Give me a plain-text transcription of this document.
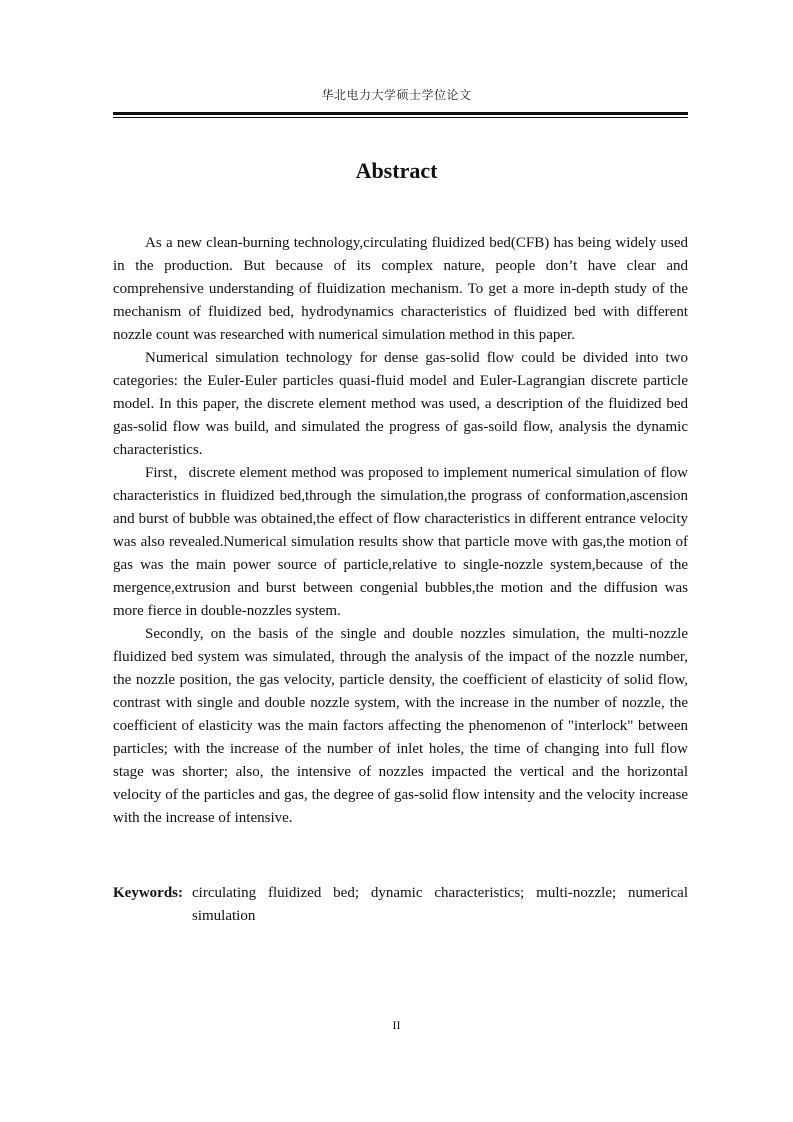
华北电力大学硕士学位论文
Abstract

As a new clean-burning technology,circulating fluidized bed(CFB) has being widely used in the production. But because of its complex nature, people don’t have clear and comprehensive understanding of fluidization mechanism. To get a more in-depth study of the mechanism of fluidized bed, hydrodynamics characteristics of fluidized bed with different nozzle count was researched with numerical simulation method in this paper.

Numerical simulation technology for dense gas-solid flow could be divided into two categories: the Euler-Euler particles quasi-fluid model and Euler-Lagrangian discrete particle model. In this paper, the discrete element method was used, a description of the fluidized bed gas-solid flow was build, and simulated the progress of gas-soild flow, analysis the dynamic characteristics.

First，discrete element method was proposed to implement numerical simulation of flow characteristics in fluidized bed,through the simulation,the prograss of conformation,ascension and burst of bubble was obtained,the effect of flow characteristics in different entrance velocity was also revealed.Numerical simulation results show that particle move with gas,the motion of gas was the main power source of particle,relative to single-nozzle system,because of the mergence,extrusion and burst between congenial bubbles,the motion and the diffusion was more fierce in double-nozzles system.

Secondly, on the basis of the single and double nozzles simulation, the multi-nozzle fluidized bed system was simulated, through the analysis of the impact of the nozzle number, the nozzle position, the gas velocity, particle density, the coefficient of elasticity of solid flow, contrast with single and double nozzle system, with the increase in the number of nozzle, the coefficient of elasticity was the main factors affecting the phenomenon of "interlock" between particles; with the increase of the number of inlet holes, the time of changing into full flow stage was shorter; also, the intensive of nozzles impacted the vertical and the horizontal velocity of the particles and gas, the degree of gas-solid flow intensity and the velocity increase with the increase of intensive.

Keywords: circulating fluidized bed; dynamic characteristics; multi-nozzle; numerical simulation
II
